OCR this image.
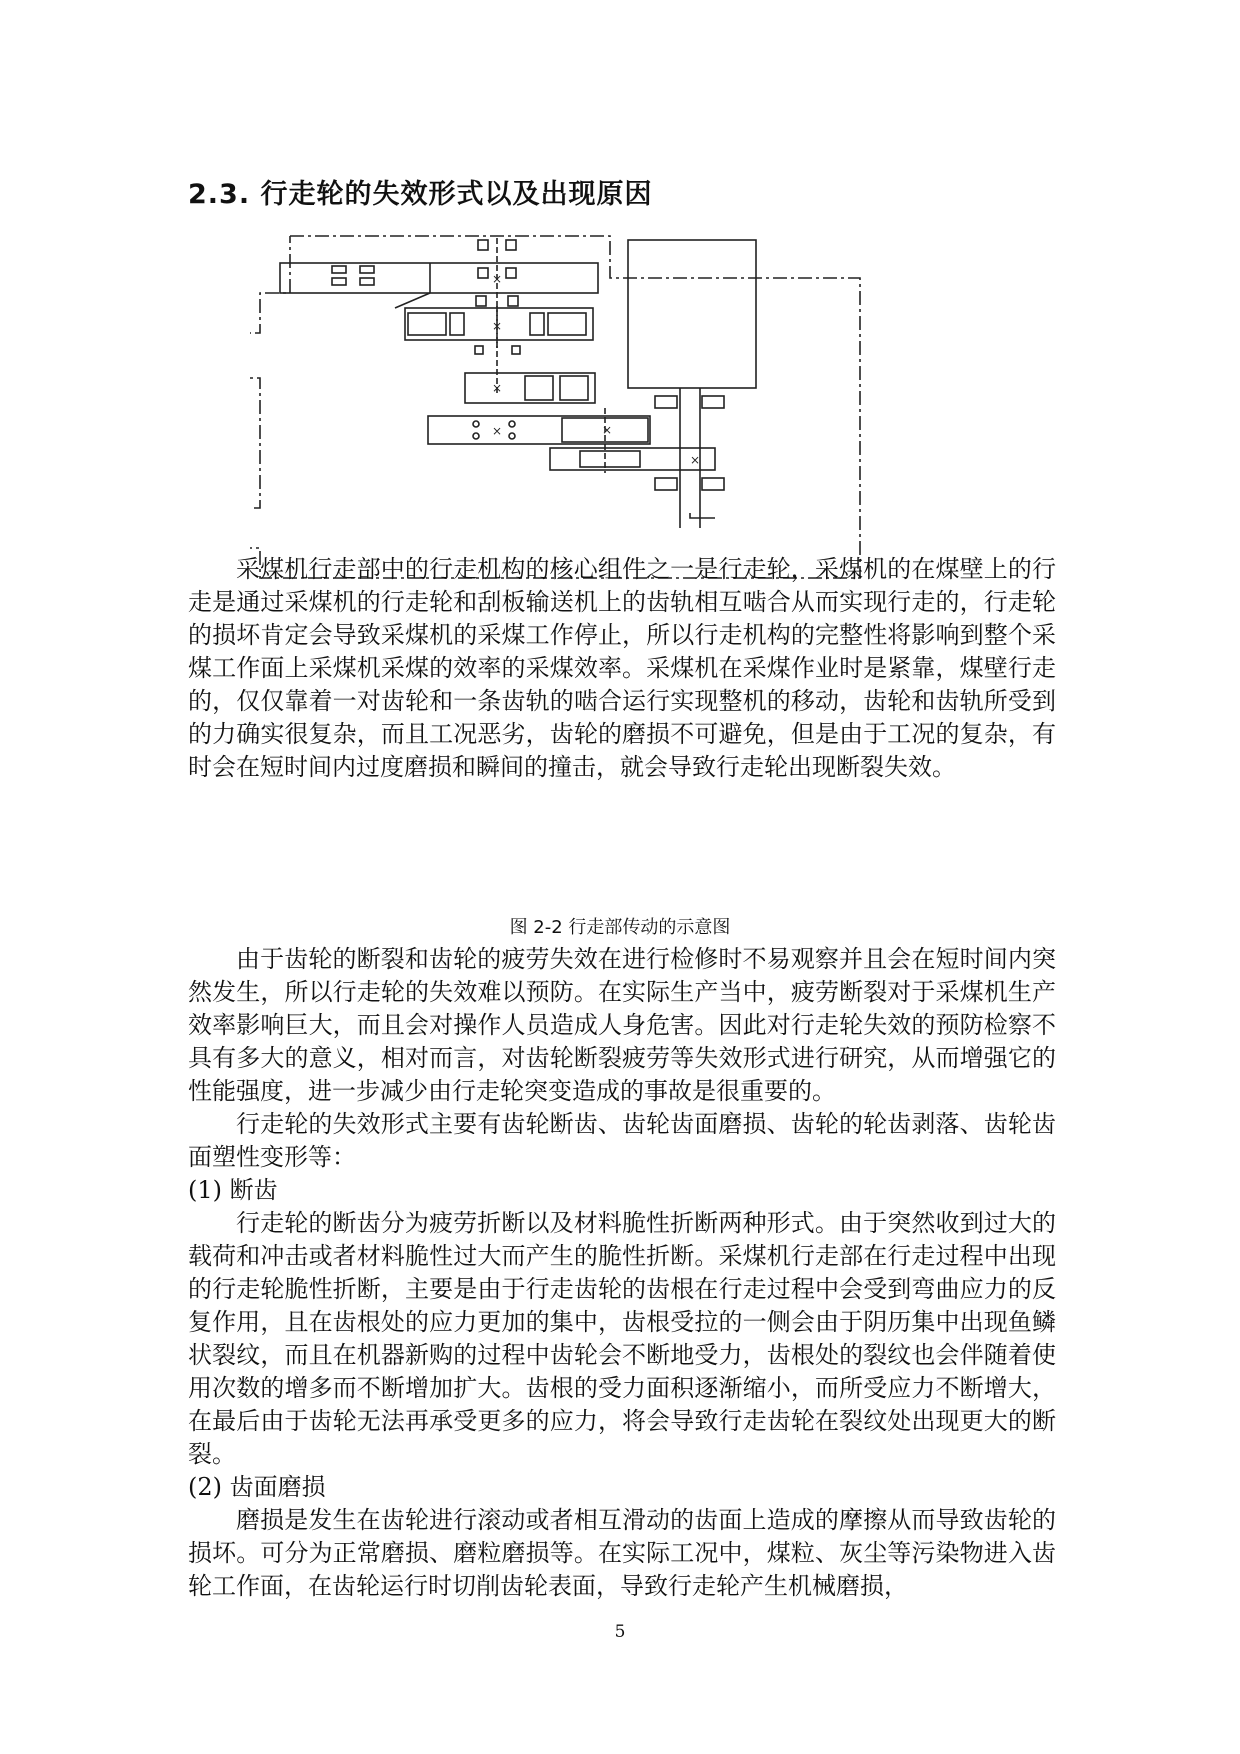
2.3. 行走轮的失效形式以及出现原因
×
×
×
×	×
×

采煤机行走部中的行走机构的核心组件之一是行走轮，采煤机的在煤壁上的行走是通过采煤机的行走轮和刮板输送机上的齿轨相互啮合从而实现行走的，行走轮的损坏肯定会导致采煤机的采煤工作停止，所以行走机构的完整性将影响到整个采煤工作面上采煤机采煤的效率的采煤效率。采煤机在采煤作业时是紧靠，煤壁行走的，仅仅靠着一对齿轮和一条齿轨的啮合运行实现整机的移动，齿轮和齿轨所受到的力确实很复杂，而且工况恶劣，齿轮的磨损不可避免，但是由于工况的复杂，有时会在短时间内过度磨损和瞬间的撞击，就会导致行走轮出现断裂失效。

图 2-2 行走部传动的示意图

由于齿轮的断裂和齿轮的疲劳失效在进行检修时不易观察并且会在短时间内突然发生，所以行走轮的失效难以预防。在实际生产当中，疲劳断裂对于采煤机生产效率影响巨大，而且会对操作人员造成人身危害。因此对行走轮失效的预防检察不具有多大的意义，相对而言，对齿轮断裂疲劳等失效形式进行研究，从而增强它的性能强度，进一步减少由行走轮突变造成的事故是很重要的。

行走轮的失效形式主要有齿轮断齿、齿轮齿面磨损、齿轮的轮齿剥落、齿轮齿面塑性变形等：

(1) 断齿

行走轮的断齿分为疲劳折断以及材料脆性折断两种形式。由于突然收到过大的载荷和冲击或者材料脆性过大而产生的脆性折断。采煤机行走部在行走过程中出现的行走轮脆性折断，主要是由于行走齿轮的齿根在行走过程中会受到弯曲应力的反复作用，且在齿根处的应力更加的集中，齿根受拉的一侧会由于阴历集中出现鱼鳞状裂纹，而且在机器新购的过程中齿轮会不断地受力，齿根处的裂纹也会伴随着使用次数的增多而不断增加扩大。齿根的受力面积逐渐缩小，而所受应力不断增大，在最后由于齿轮无法再承受更多的应力，将会导致行走齿轮在裂纹处出现更大的断裂。

(2) 齿面磨损

磨损是发生在齿轮进行滚动或者相互滑动的齿面上造成的摩擦从而导致齿轮的损坏。可分为正常磨损、磨粒磨损等。在实际工况中，煤粒、灰尘等污染物进入齿轮工作面，在齿轮运行时切削齿轮表面，导致行走轮产生机械磨损，

5
